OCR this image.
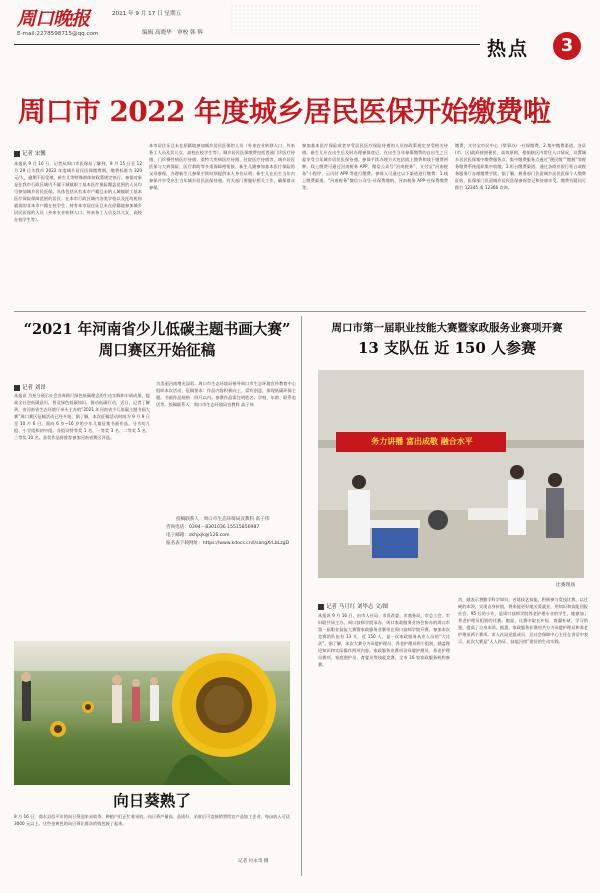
周口晚报
E-mail:2278598715@qq.com
2021 年 9 月 17 日 星期五
编辑 高晓华 审校 韩 辉
热点	3
周口市 2022 年度城乡居民医保开始缴费啦
记者 宋馨
本报讯 9 月 16 日，记者从周口市医保局了解到，9 月 15 日至 12 月 29 日为我市 2022 年度城乡居民医保缴费期，缴费标准为 320 元/人，逾期不再受理。新生儿等特殊群体按政策规定执行。参保对象是在我市行政区域内不属于城镇职工基本医疗保险覆盖范围的人员均可参加城乡居民医保。具体包括具有本市户籍且未纳入城镇职工基本医疗保险保障范围的居民；在本市行政区域内各类学校以及托幼机构就读的非本市户籍在校学生；持有本市居住证且未在原籍地参加城乡居民医保的人员（外来农业转移人口、外来务工人员及其儿女、高校在校学生等）。
本市居住证且未在原籍地参加城乡居民医保的人员（外来农业转移人口、外来务工人员及其儿女、高校在校学生等）。城乡居民医保缴费包括普通门诊医疗待遇、门诊慢性病医疗待遇、重特大疾病医疗待遇、住院医疗待遇等，城乡居民医保与大病保险、医疗救助等多重保障相衔接。新生儿随参加基本医疗保险的父母参保，办理新生儿参保手续时须提供本人身份证明；新生儿在出生当年内参保并享受出生当年城乡居民医保待遇。有关部门要做好相关工作，确保群众参保。
参加基本医疗保险或者享受居民医疗保险待遇的人员按政策规定享受相关待遇。新生儿应在出生后及时办理参保登记，在出生当年参保缴费的自出生之日起享受当年城乡居民医保待遇。参保手续办理方式包括线上缴费和线下缴费两种。线上缴费可通过河南税务 APP、微信公众号“河南税务”、支付宝“河南税务”小程序、云闪付 APP 等进行缴费。参保人可通过以下渠道进行缴费：1.线上缴费渠道。“河南税务”微信公众号-社保费缴纳、河南税务 APP-社保费缴费等。
缴费，支付宝市民中心（掌事办）-社保缴费。2.集中缴费渠道。各县(市、区)政府按照便民、高效原则，根据辖区内常住人口情况，设置城乡居民医保集中缴费服务点。集中缴费服务点通过“便民缴”“缴税”等税务缴费系统组织集中收缴。3.柜台缴费渠道。通过各商业银行柜台或税务服务厅办理缴费手续。据了解，税务部门负责城乡居民医保个人缴费征收，医保部门负责城乡居民医保参保登记和待遇享受。缴费有疑问可拨打 12345 或 12366 咨询。
“2021 年河南省少儿低碳主题书画大赛”
周口赛区开始征稿
记者 刘昂
本报讯 为充分展示社会各界践行绿色低碳理念的生动实践和丰硕成果，提高全社会低碳意识，普及绿色低碳知识，推动低碳行动，近日，记者了解到，由河南省生态环境厅牵头主办的“2021 年河南省少儿低碳主题书画大赛”周口赛区征稿活动已经开始。据了解，本次征稿活动时间为 9 月 9 日至 10 月 6 日。面向 6 岁~16 岁的少年儿童征集书画作品。分为幼儿组、小学组和初中组。各组设特等奖 1 名、一等奖 3 名、二等奖 5 名、三等奖 10 名。获奖作品将推荐参加河南省赛区评选。
为美丽河南增光添彩。周口市生态环境局指导周口市生态环境宣传教育中心组织本次活动，征稿要求：作品内容积极向上、富有创意，体现低碳环保主题。书画作品规格：四尺以内。参赛作品需注明姓名、学校、年龄、联系电话等。投稿联系人：周口市生态环境局宣教科 高子伟
投稿联系人：周口市生态环境局宣教科 高子伟
咨询电话：0394－8301036 15515856987
电子邮箱：zkhjxjk@126.com
报名表下载网址：https://www.kdocs.cn/l/sangXrLbLzgD
向日葵熟了
9 月 16 日，商水县西平乡的向日葵迎来采收季，种植户们正忙着采收。向日葵产量高、品质好，采收后可直接销售给农产品加工企业，每亩收入可达 3000 元以上。这些金黄色的向日葵让群众的钱包鼓了起来。
记者 付永奇 摄
周口市第一届职业技能大赛暨家政服务业赛项开赛
13 支队伍 近 150 人参赛
务力讲播 富出成敬 融合水平
比赛现场
记者 马月红 刘毕志 文/图
本报讯 9 月 16 日，由市人社局、市发改委、市商务局、市总工会、市妇联共同主办，周口技师学院承办，周口家政服务业协会协办的周口市第一届职业技能大赛暨家政服务业赛项在周口技师学院开赛。参加本次竞赛的队伍有 13 支，近 150 人，是一次家政服务从业人员的“大比武”。据了解，本次大赛分为母婴护理员、养老护理员两个组别，涵盖理论知识和实际操作两项内容。家政服务业赛项设母婴护理员、养老护理员赛项，家庭照护员、育婴员等技能竞赛，全市 16 家家政服务机构参赛。
功，她表示将勤学科学知识，苦练技艺技能，积极参与竞技比赛，以过硬的本领，实现自身价值，将来能更好地关爱就业，用知识和技能回报社会。95 后的小许，是周口技师学院养老护理专业的学生，她参加了养老护理员组别的比赛。她说，比赛中取长补短、查漏补缺、学习借鉴，提高了自身本领。据悉，家政服务业赛项共分为母婴护理员和养老护理员两个赛项。市人社局党组成员、总社会保障中心主任在讲话中表示，此次大赛是“人人持证、技能河南”建设的生动实践。
